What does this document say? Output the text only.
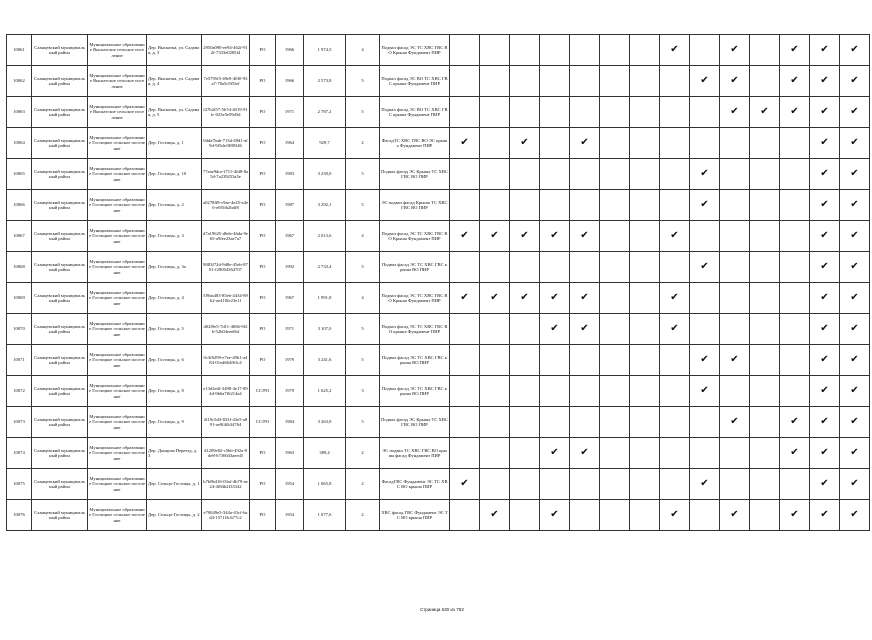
10061	Сланцевский муниципальный район	Муниципальное образование Выскатское сельское поселение	Дер. Выскатка, ул. Садовая, д. 3	2950a090-ee94-462f-912f-7333e0285f4	РО	1966	1 974,5	4	Подвал фасад ЭС ТС ХВС ГВС ВО Крыша Фундамент ПИР								✔		✔		✔	✔	✔
10062	Сланцевский муниципальный район	Муниципальное образование Выскатское сельское поселение	Дер. Выскатка, ул. Садовая, д. 4	7e5795f5-49e9-40f0-93a7-78a5c9f5fef	РО	1966	2 573,8	5	Подвал фасад ЭС ВО ТС ХВС ГВС крыша Фундамент ПИР									✔	✔		✔	✔	✔
10063	Сланцевский муниципальный район	Муниципальное образование Выскатское сельское поселение	Дер. Выскатка, ул. Садовая, д. 5	f27b2f57-5b7d-4019-91fc-025e5e59d5d	РО	1971	2 787,2	5	Подвал фасад ЭС ВО ТС ХВС ГВС крыша Фундамент ПИР										✔	✔	✔	✔	✔
10064	Сланцевский муниципальный район	Муниципальное образование Гостицкое сельское поселение	Дер. Гостицы, д. 1	0dda7bab-713d-49d1-af9d-9f5de1888346	РО	1964	929,7	2	ФасадТС ХВС ГВС ВО ЭС крыша Фундамент ПИР	✔		✔		✔								✔	✔
10065	Сланцевский муниципальный район	Муниципальное образование Гостицкое сельское поселение	Дер. Гостицы, д. 10	77eae9dce-f711-4fd8-8a5d-7a239253a5e	РО	1983	3 239,0	5	Подвал фасад ЭС Крыша ТС ХВС ГВС ВО ПИР									✔				✔	✔
10066	Сланцевский муниципальный район	Муниципальное образование Гостицкое сельское поселение	Дер. Гостицы, д. 2	a0278ff8-c9ae-4e25-a4e6-e0f5fb2bdf8	РО	1987	3 292,1	5	ЭС подвал фасад Крыша ТС ХВС ГВС ВО ПИР									✔				✔	✔
10067	Сланцевский муниципальный район	Муниципальное образование Гостицкое сельское поселение	Дер. Гостицы, д. 3	d7a19625-d6de-46da-9e65-a9fee23ae7a7	РО	1967	2 013,6	4	Подвал фасад ЭС ТС ХВС ГВС ВО Крыша Фундамент ПИР	✔	✔	✔	✔	✔			✔					✔	✔
10068	Сланцевский муниципальный район	Муниципальное образование Гостицкое сельское поселение	Дер. Гостицы, д. 3а	9083f72d-9d8e-45eb-8701-f28004364707	РО	1992	2 733,4	5	Подвал фасад ЭС ТС ХВС ГВС крыша ВО ПИР									✔				✔	✔
10069	Сланцевский муниципальный район	Муниципальное образование Гостицкое сельское поселение	Дер. Гостицы, д. 4	5f9da483-85eb-4434-89b2-ae410fe23e1f	РО	1967	1 991,8	4	Подвал фасад ЭС ТС ХВС ГВС ВО Крыша Фундамент ПИР	✔	✔	✔	✔	✔			✔					✔	✔
10070	Сланцевский муниципальный район	Муниципальное образование Гостицкое сельское поселение	Дер. Гостицы, д. 5	d02f9e5-7d11-4066-9f2b-52b04eee6bf	РО	1971	3 107,0	5	Подвал фасад ЭС ТС ХВС ГВС ВО крыша Фундамент ПИР				✔	✔			✔					✔	✔
10071	Сланцевский муниципальный район	Муниципальное образование Гостицкое сельское поселение	Дер. Гостицы, д. 6	0c3f6299-e7ee-49b1-a484-01ed664f63c4	РО	1979	3 241,6	5	Подвал фасад ЭС ТС ХВС ГВС крыша ВО ПИР									✔	✔			✔	✔
10072	Сланцевский муниципальный район	Муниципальное образование Гостицкое сельское поселение	Дер. Гостицы, д. 8	e13d2edf-3498-4e17-894d-9b6a7f6214a4	СС/РО	1979	1 625,2	3	Подвал фасад ЭС ТС ХВС ГВС крыша ВО ПИР									✔				✔	✔
10073	Сланцевский муниципальный район	Муниципальное образование Гостицкое сельское поселение	Дер. Гостицы, д. 9	2f19c5d3-833f-43e5-a891-ae9f4fb34764	СС/РО	1984	3 263,8	5	Подвал фасад ЭС Крыша ТС ХВС ГВС ВО ПИР										✔		✔	✔	✔
10074	Сланцевский муниципальный район	Муниципальное образование Гостицкое сельское поселение	Дер. Донцова Переезд, д. 3	d1209e82-c5bb-492a-8de8-6736043aeed3	РО	1963	389,4	2	ЭС подвал ТС ХВС ГВС ВО крыша фасад Фундамент ПИР				✔	✔							✔	✔	✔
10075	Сланцевский муниципальный район	Муниципальное образование Гостицкое сельское поселение	Дер. Сельцо-Гостицы, д. 1	b7b8b416-03af-4b79-ae24-4f84b2f33342	РО	1954	1 065,8	2	ФасадГВС Фундамент ЭС ТС ХВС ВО крыша ПИР	✔								✔				✔	✔
10076	Сланцевский муниципальный район	Муниципальное образование Гостицкое сельское поселение	Дер. Сельцо-Гостицы, д. 2	e70049e5-344a-43cf-bad4-1571f3cb77c2	РО	1954	1 077,6	2	ХВС фасад ГВС Фундамент ЭС ТС ВО крыша ПИР		✔		✔				✔		✔		✔	✔	✔
Страница 630 из 753
